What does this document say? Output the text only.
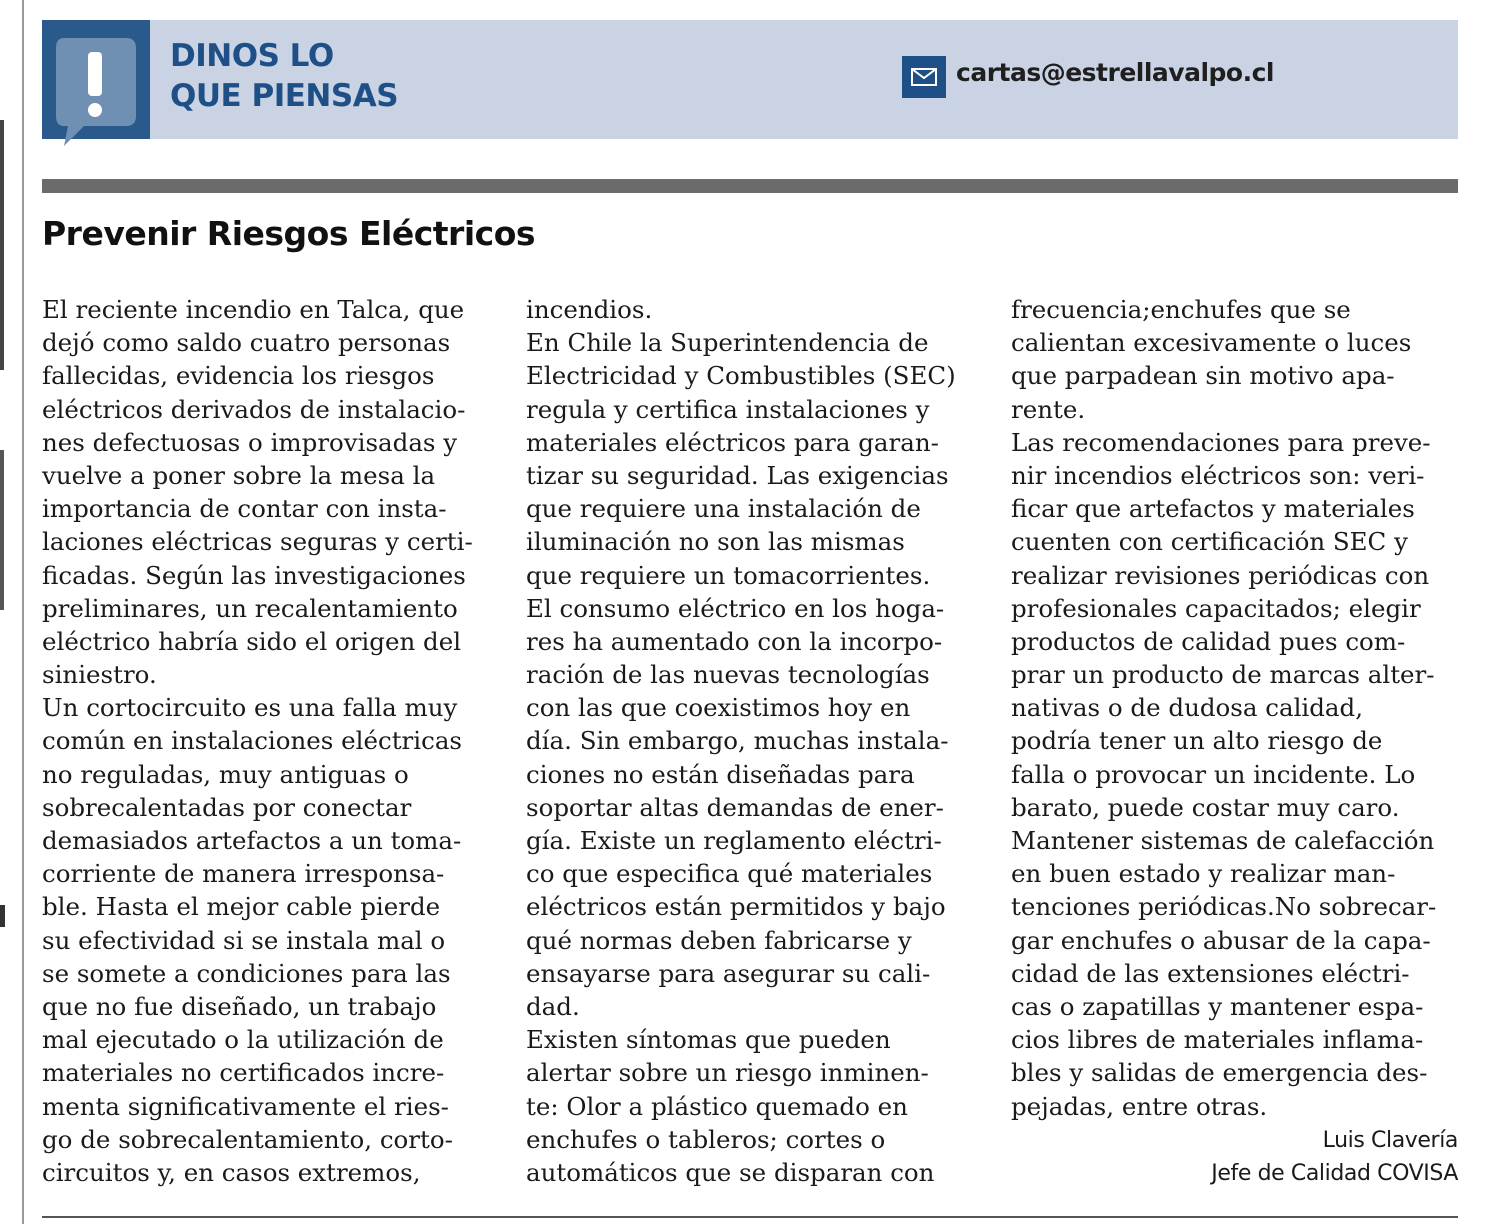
DINOS LO
QUE PIENSAS
cartas@estrellavalpo.cl
Prevenir Riesgos Eléctricos
El reciente incendio en Talca, que
dejó como saldo cuatro personas
fallecidas, evidencia los riesgos
eléctricos derivados de instalacio-
nes defectuosas o improvisadas y
vuelve a poner sobre la mesa la
importancia de contar con insta-
laciones eléctricas seguras y certi-
ficadas. Según las investigaciones
preliminares, un recalentamiento
eléctrico habría sido el origen del
siniestro.
Un cortocircuito es una falla muy
común en instalaciones eléctricas
no reguladas, muy antiguas o
sobrecalentadas por conectar
demasiados artefactos a un toma-
corriente de manera irresponsa-
ble. Hasta el mejor cable pierde
su efectividad si se instala mal o
se somete a condiciones para las
que no fue diseñado, un trabajo
mal ejecutado o la utilización de
materiales no certificados incre-
menta significativamente el ries-
go de sobrecalentamiento, corto-
circuitos y, en casos extremos,
incendios.
En Chile la Superintendencia de
Electricidad y Combustibles (SEC)
regula y certifica instalaciones y
materiales eléctricos para garan-
tizar su seguridad. Las exigencias
que requiere una instalación de
iluminación no son las mismas
que requiere un tomacorrientes.
El consumo eléctrico en los hoga-
res ha aumentado con la incorpo-
ración de las nuevas tecnologías
con las que coexistimos hoy en
día. Sin embargo, muchas instala-
ciones no están diseñadas para
soportar altas demandas de ener-
gía. Existe un reglamento eléctri-
co que especifica qué materiales
eléctricos están permitidos y bajo
qué normas deben fabricarse y
ensayarse para asegurar su cali-
dad.
Existen síntomas que pueden
alertar sobre un riesgo inminen-
te: Olor a plástico quemado en
enchufes o tableros; cortes o
automáticos que se disparan con
frecuencia;enchufes que se
calientan excesivamente o luces
que parpadean sin motivo apa-
rente.
Las recomendaciones para preve-
nir incendios eléctricos son: veri-
ficar que artefactos y materiales
cuenten con certificación SEC y
realizar revisiones periódicas con
profesionales capacitados; elegir
productos de calidad pues com-
prar un producto de marcas alter-
nativas o de dudosa calidad,
podría tener un alto riesgo de
falla o provocar un incidente. Lo
barato, puede costar muy caro.
Mantener sistemas de calefacción
en buen estado y realizar man-
tenciones periódicas.No sobrecar-
gar enchufes o abusar de la capa-
cidad de las extensiones eléctri-
cas o zapatillas y mantener espa-
cios libres de materiales inflama-
bles y salidas de emergencia des-
pejadas, entre otras.
Luis Clavería
Jefe de Calidad COVISA
